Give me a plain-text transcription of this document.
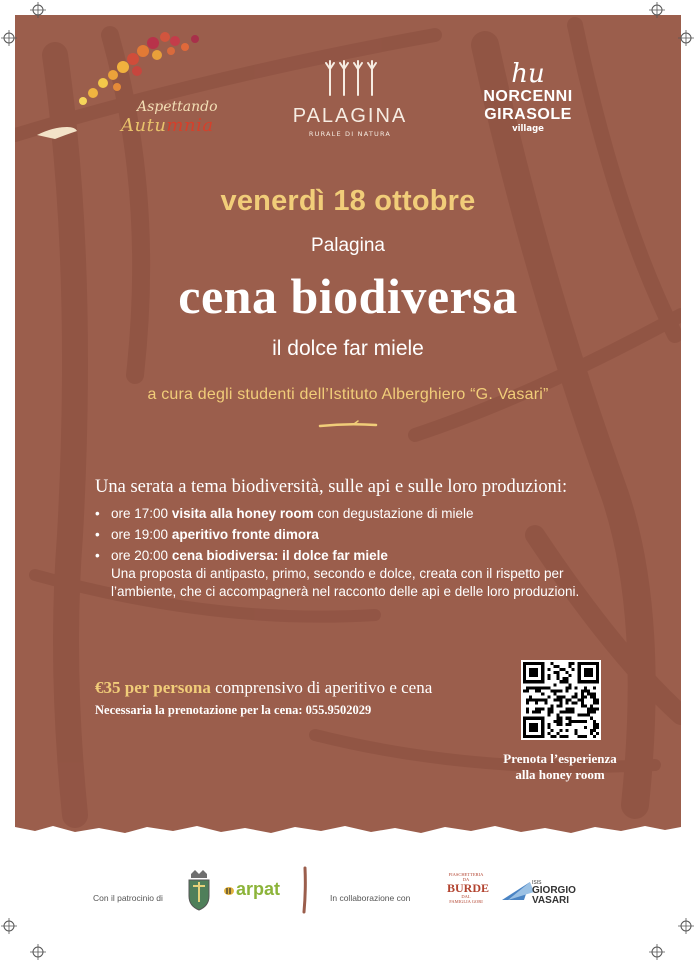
Aspettando
Autumnia	PALAGINA
RURALE DI NATURA
hu
NORCENNI
GIRASOLE
village
venerdì 18 ottobre
Palagina
cena biodiversa
il dolce far miele
a cura degli studenti dell’Istituto Alberghiero “G. Vasari”
Una serata a tema biodiversità, sulle api e sulle loro produzioni:
• ore 17:00 visita alla honey room con degustazione di miele
• ore 19:00 aperitivo fronte dimora
• ore 20:00 cena biodiversa: il dolce far miele
Una proposta di antipasto, primo, secondo e dolce, creata con il rispetto per l’ambiente, che ci accompagnerà nel racconto delle api e delle loro produzioni.
€35 per persona comprensivo di aperitivo e cena
Necessaria la prenotazione per la cena: 055.9502029
Prenota l’esperienza
alla honey room
Con il patrocinio di	arpat	In collaborazione con
FIASCHETTERIA
DA
BURDE
DAL
FAMIGLIA GORI
ISIS
GIORGIO
VASARI
